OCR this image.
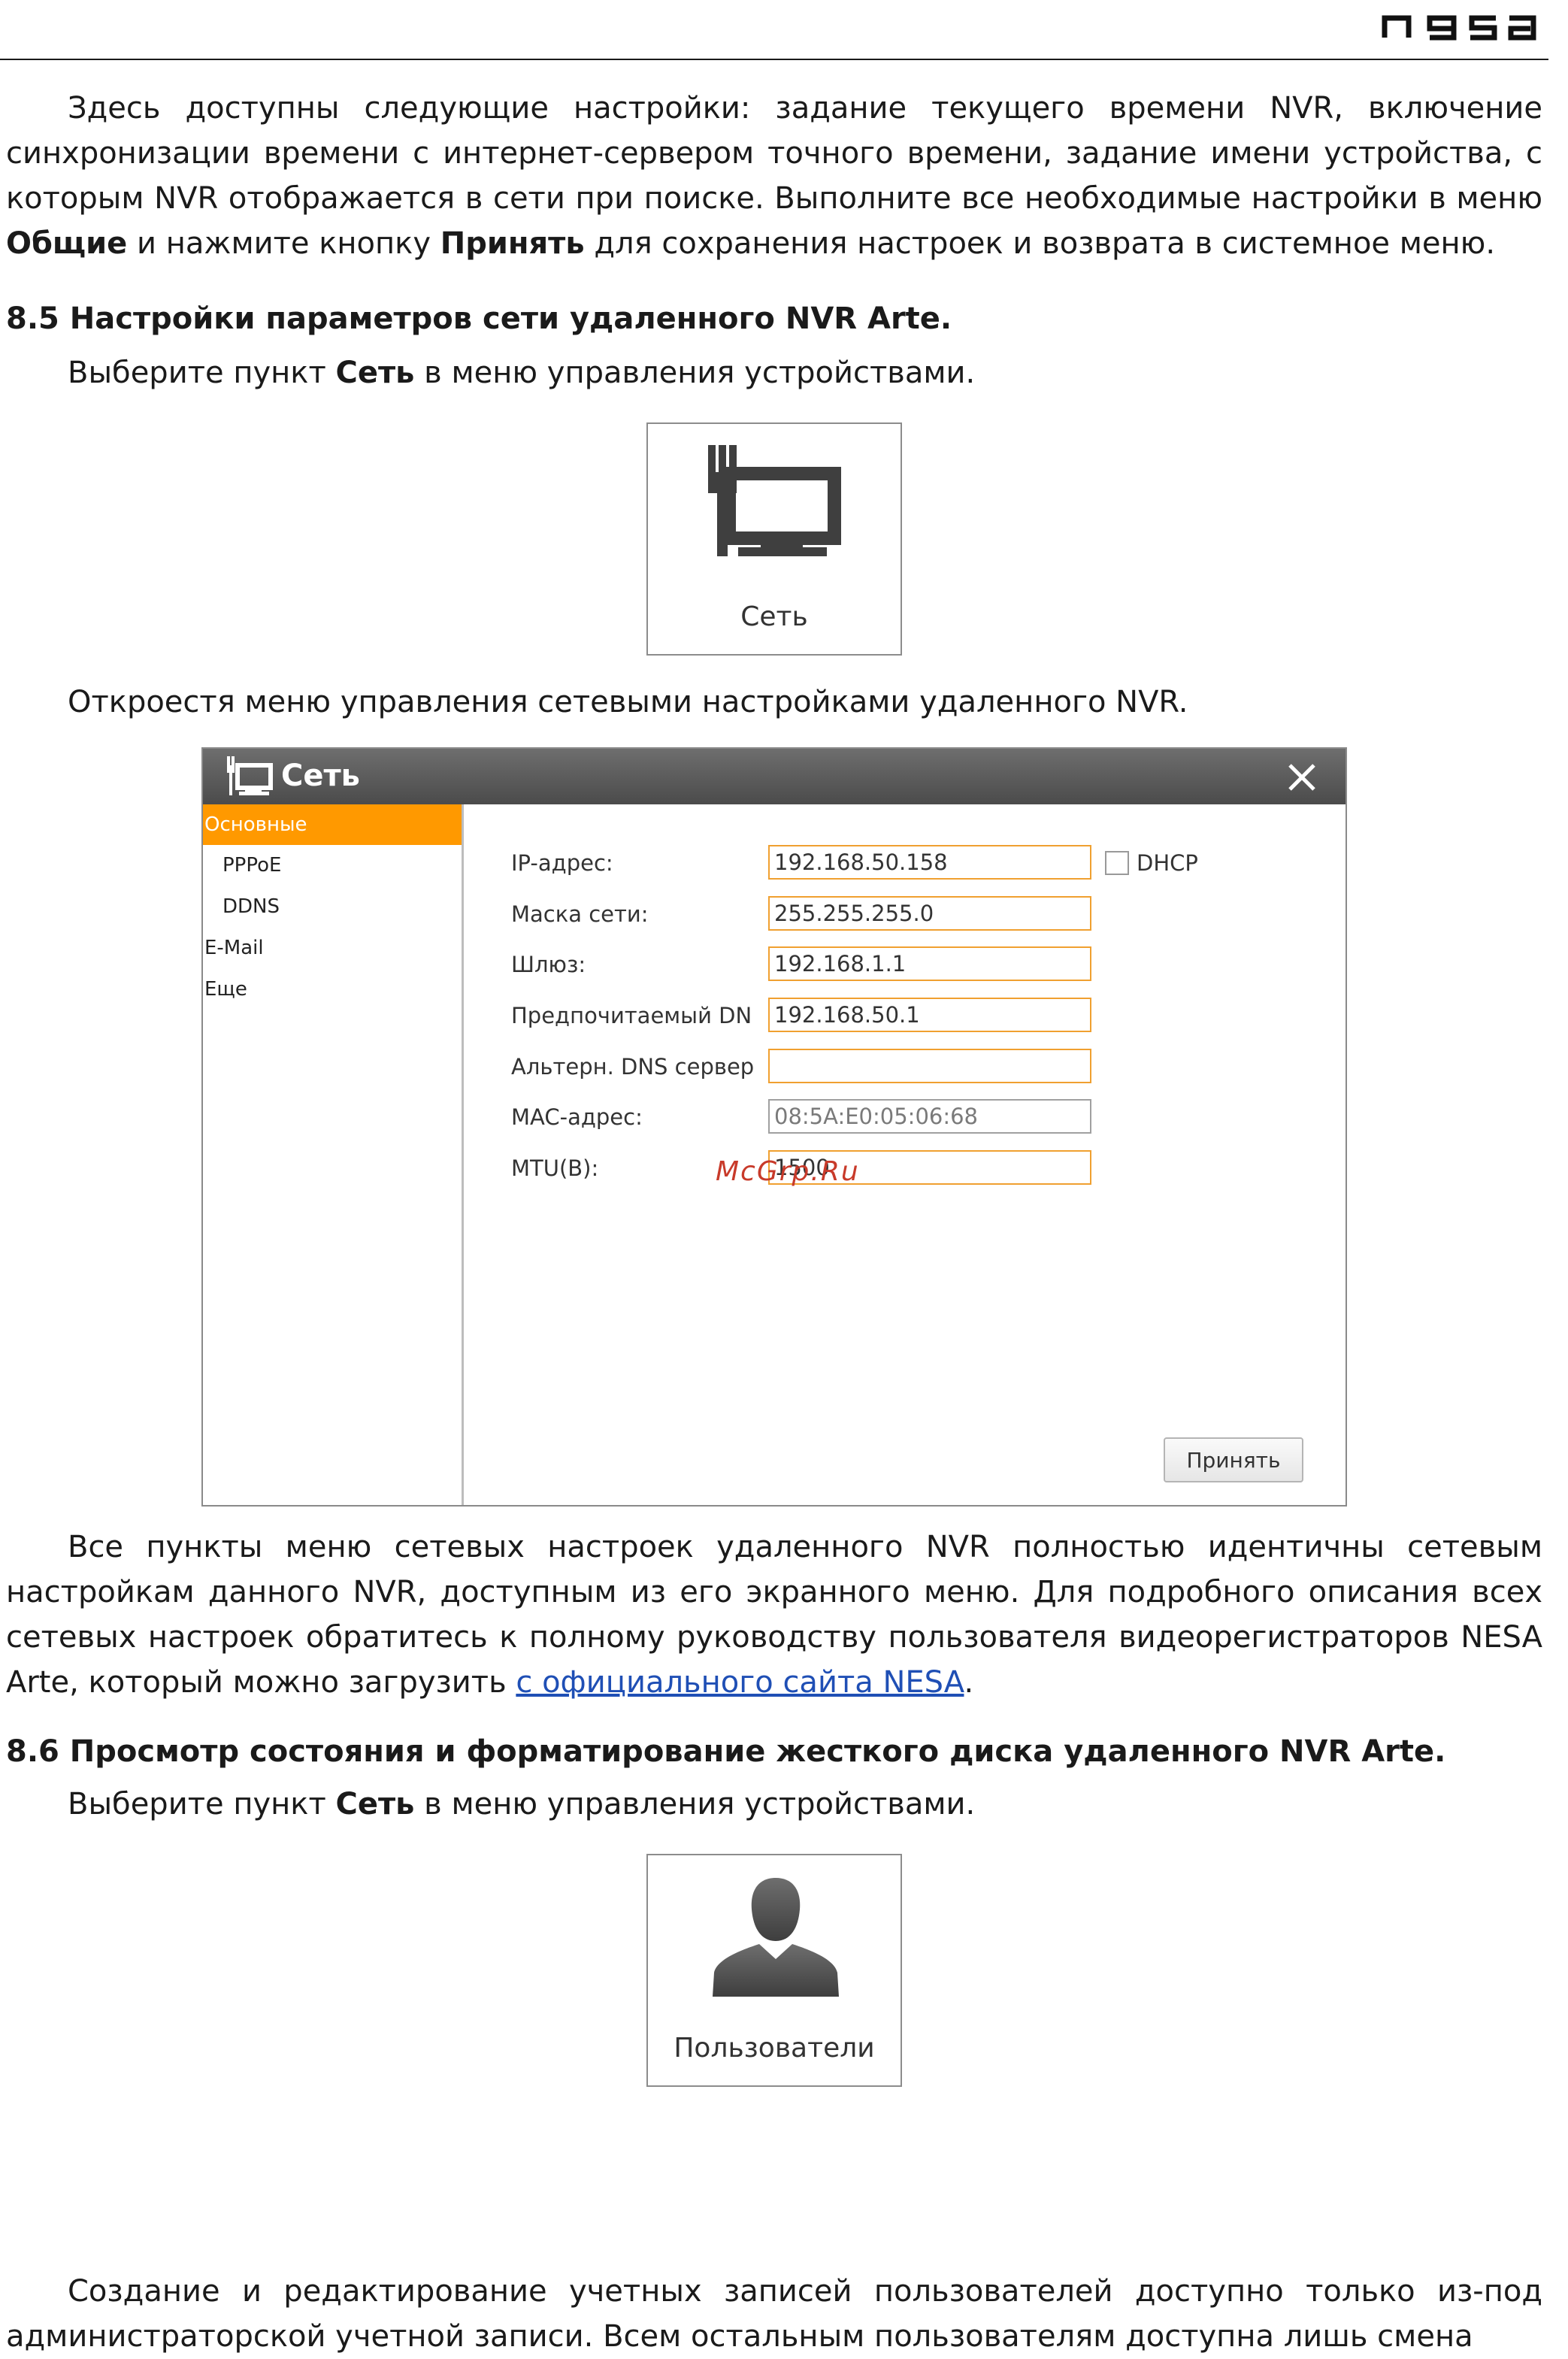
Здесь доступны следующие настройки: задание текущего времени NVR, включение синхронизации времени с интернет-сервером точного времени, задание имени устройства, с которым NVR отображается в сети при поиске. Выполните все необходимые настройки в меню Общие и нажмите кнопку Принять для сохранения настроек и возврата в системное меню.

8.5 Настройки параметров сети удаленного NVR Arte.
Выберите пункт Сеть в меню управления устройствами.
Сеть
Откроестя меню управления сетевыми настройками удаленного NVR.
Сеть
Основные
PPPoE
DDNS
E-Mail
Еще
IP-адрес:
192.168.50.158	DHCP
Маска сети:
255.255.255.0
Шлюз:
192.168.1.1
Предпочитаемый DN
192.168.50.1
Альтерн. DNS сервер
MAC-адрес:
08:5A:E0:05:06:68
MTU(B):
1500	McGrp.Ru
Принять

Все пункты меню сетевых настроек удаленного NVR полностью идентичны сетевым настройкам данного NVR, доступным из его экранного меню. Для подробного описания всех сетевых настроек обратитесь к полному руководству пользователя видеорегистраторов NESA Arte, который можно загрузить с официального сайта NESA.

8.6 Просмотр состояния и форматирование жесткого диска удаленного NVR Arte.
Выберите пункт Сеть в меню управления устройствами.
Пользователи

Создание и редактирование учетных записей пользователей доступно только из-под администраторской учетной записи. Всем остальным пользователям доступна лишь смена
